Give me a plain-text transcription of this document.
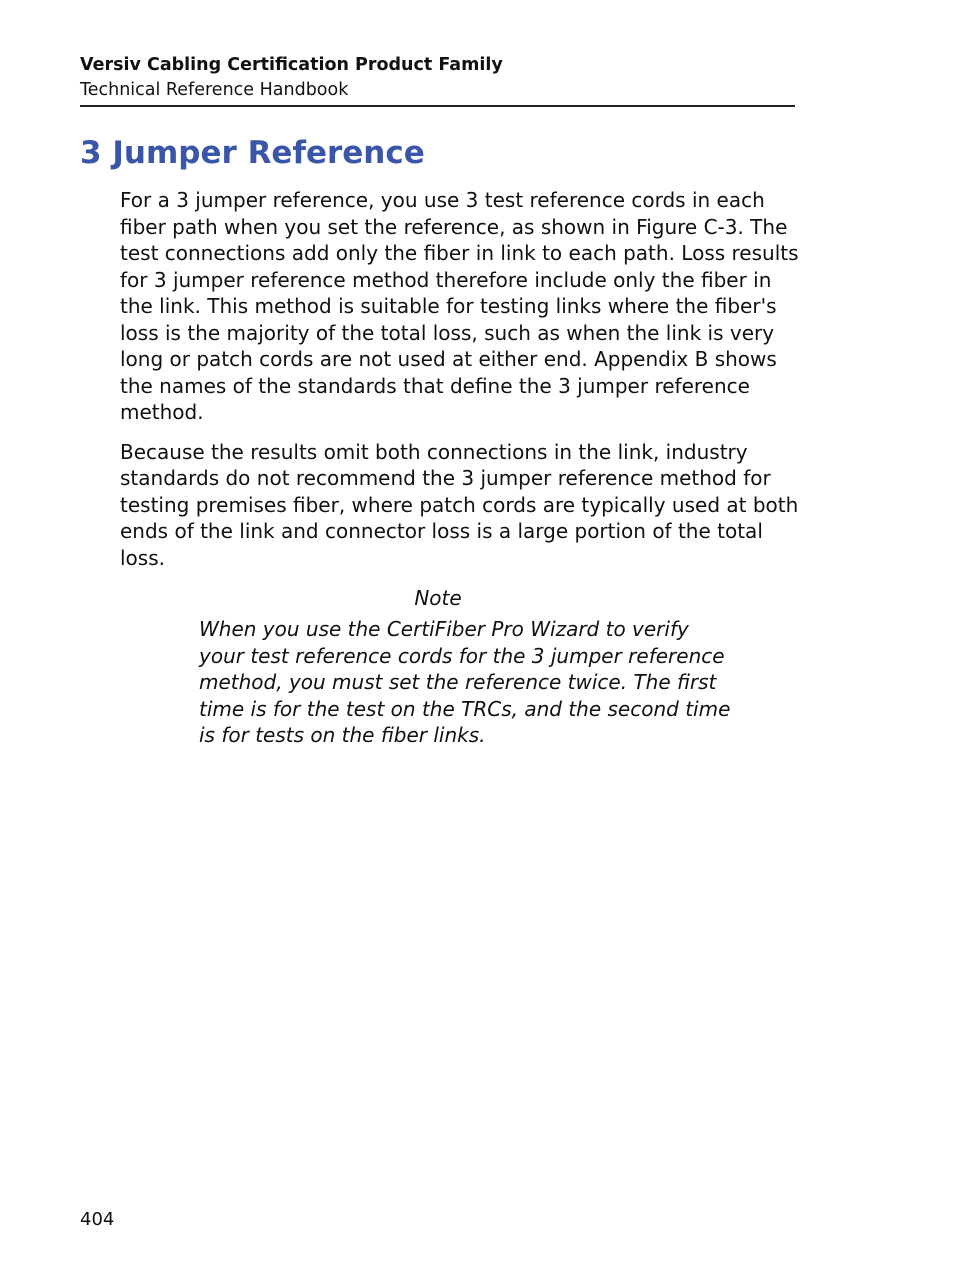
Versiv Cabling Certification Product Family
Technical Reference Handbook
3 Jumper Reference

For a 3 jumper reference, you use 3 test reference cords in each fiber path when you set the reference, as shown in Figure C-3. The test connections add only the fiber in link to each path. Loss results for 3 jumper reference method therefore include only the fiber in the link. This method is suitable for testing links where the fiber's loss is the majority of the total loss, such as when the link is very long or patch cords are not used at either end. Appendix B shows the names of the standards that define the 3 jumper reference method.

Because the results omit both connections in the link, industry standards do not recommend the 3 jumper reference method for testing premises fiber, where patch cords are typically used at both ends of the link and connector loss is a large portion of the total loss.

Note
When you use the CertiFiber Pro Wizard to verify your test reference cords for the 3 jumper reference method, you must set the reference twice. The first time is for the test on the TRCs, and the second time is for tests on the fiber links.
404
